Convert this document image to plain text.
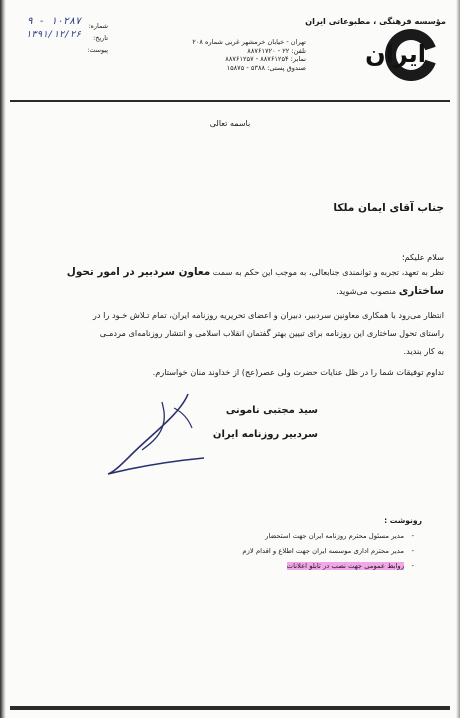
مؤسسه فرهنگی ، مطبوعاتی ایران
ایران
تهران - خیابان خرمشهر غربی شماره ۲۰۸
تلفن: ۲۲ - ۸۸۷۶۱۷۲۰
نمابر: ۸۸۷۶۱۲۵۴ - ۸۸۷۶۱۲۵۷
صندوق پستی: ۵۳۸۸ - ۱۵۸۷۵
شماره:
۹ - ۱۰۲۸۷
تاریخ:
۱۳۹۱/۱۲/۲۶
پیوست:
باسمه تعالی
جناب آقای ایمان ملکا
سلام علیکم؛
نظر به تعهد، تجربه و توانمندی جنابعالی، به موجب این حکم به سمت معاون سردبیر در امور تحول
ساختاری منصوب می‌شوید.
انتظار می‌رود با همکاری معاونین سردبیر، دبیران و اعضای تحریریه روزنامه ایران، تمام تـلاش خـود را در
راستای تحول ساختاری این روزنامه برای تبیین بهتر گفتمان انقلاب اسلامی و انتشار روزنامه‌ای مردمـی
به کار بندید.
تداوم توفیقات شما را در ظل عنایات حضرت ولی عصر(عج) از خداوند منان خواستارم.
سید مجتبی نامونی
سردبیر روزنامه ایران
رونوشت :
-
مدیر مسئول محترم روزنامه ایران جهت استحضار
-
مدیر محترم اداری موسسه ایران جهت اطلاع و اقدام لازم
-
روابط عمومی جهت نصب در تابلو اعلانات
